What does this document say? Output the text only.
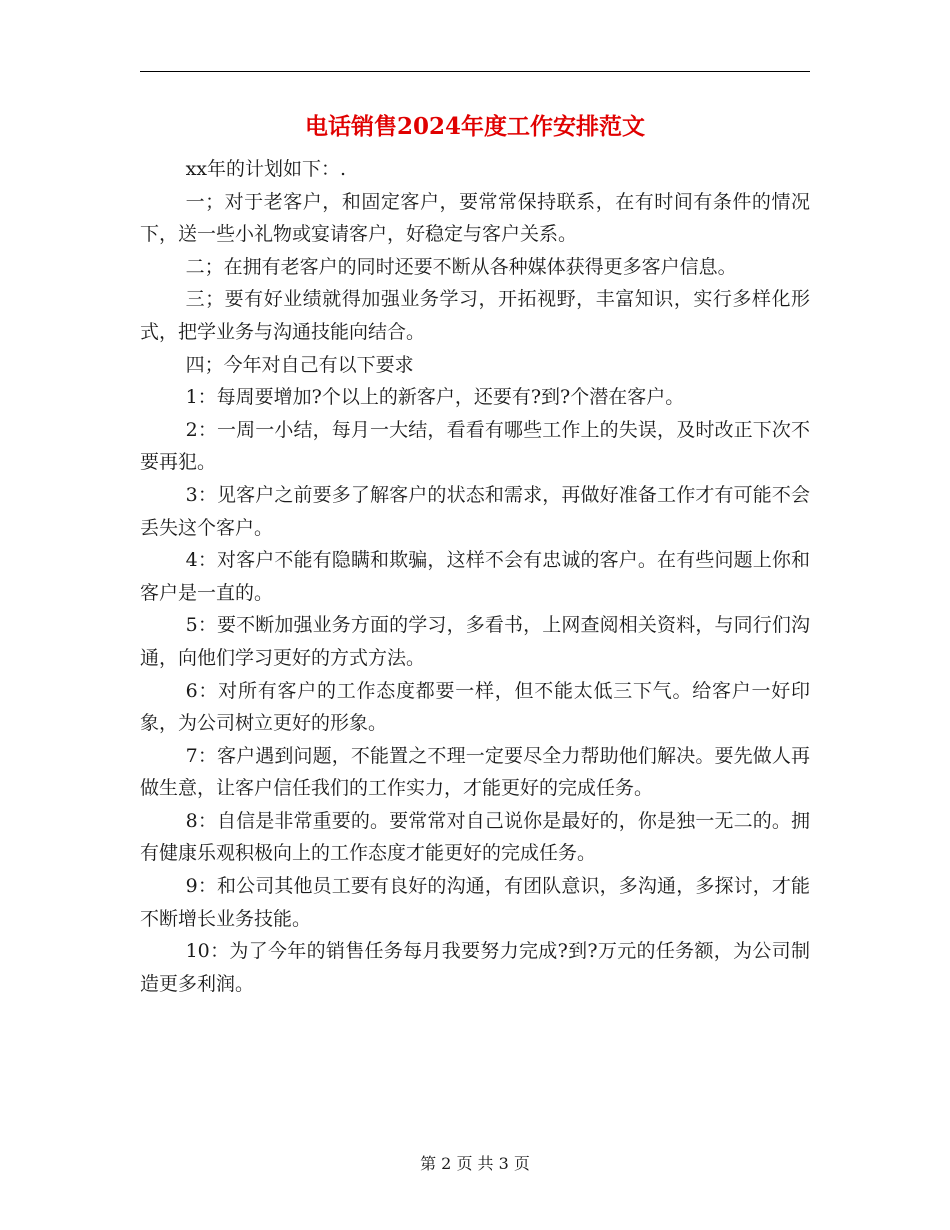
电话销售2024年度工作安排范文

xx年的计划如下：.

一；对于老客户，和固定客户，要常常保持联系，在有时间有条件的情况下，送一些小礼物或宴请客户，好稳定与客户关系。

二；在拥有老客户的同时还要不断从各种媒体获得更多客户信息。

三；要有好业绩就得加强业务学习，开拓视野，丰富知识，实行多样化形式，把学业务与沟通技能向结合。

四；今年对自己有以下要求

1：每周要增加?个以上的新客户，还要有?到?个潜在客户。

2：一周一小结，每月一大结，看看有哪些工作上的失误，及时改正下次不要再犯。

3：见客户之前要多了解客户的状态和需求，再做好准备工作才有可能不会丢失这个客户。

4：对客户不能有隐瞒和欺骗，这样不会有忠诚的客户。在有些问题上你和客户是一直的。

5：要不断加强业务方面的学习，多看书，上网查阅相关资料，与同行们沟通，向他们学习更好的方式方法。

6：对所有客户的工作态度都要一样，但不能太低三下气。给客户一好印象，为公司树立更好的形象。

7：客户遇到问题，不能置之不理一定要尽全力帮助他们解决。要先做人再做生意，让客户信任我们的工作实力，才能更好的完成任务。

8：自信是非常重要的。要常常对自己说你是最好的，你是独一无二的。拥有健康乐观积极向上的工作态度才能更好的完成任务。

9：和公司其他员工要有良好的沟通，有团队意识，多沟通，多探讨，才能不断增长业务技能。

10：为了今年的销售任务每月我要努力完成?到?万元的任务额，为公司制造更多利润。

第 2 页 共 3 页
